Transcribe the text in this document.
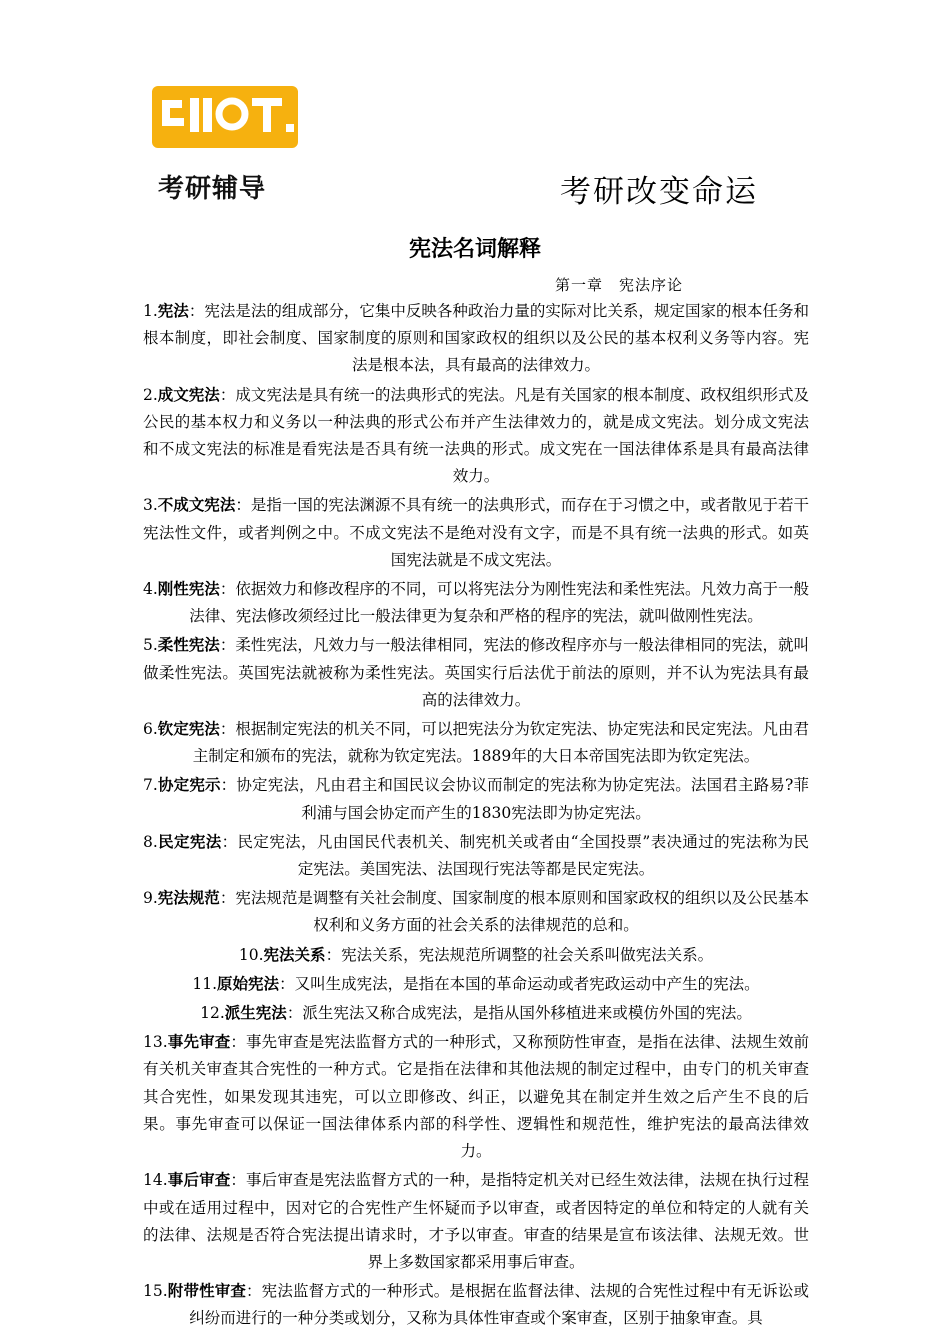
考研辅导	考研改变命运
宪法名词解释
第一章　宪法序论

1.宪法：宪法是法的组成部分，它集中反映各种政治力量的实际对比关系，规定国家的根本任务和根本制度，即社会制度、国家制度的原则和国家政权的组织以及公民的基本权利义务等内容。宪法是根本法，具有最高的法律效力。

2.成文宪法：成文宪法是具有统一的法典形式的宪法。凡是有关国家的根本制度、政权组织形式及公民的基本权力和义务以一种法典的形式公布并产生法律效力的，就是成文宪法。划分成文宪法和不成文宪法的标准是看宪法是否具有统一法典的形式。成文宪在一国法律体系是具有最高法律效力。

3.不成文宪法：是指一国的宪法渊源不具有统一的法典形式，而存在于习惯之中，或者散见于若干宪法性文件，或者判例之中。不成文宪法不是绝对没有文字，而是不具有统一法典的形式。如英国宪法就是不成文宪法。

4.刚性宪法：依据效力和修改程序的不同，可以将宪法分为刚性宪法和柔性宪法。凡效力高于一般法律、宪法修改须经过比一般法律更为复杂和严格的程序的宪法，就叫做刚性宪法。

5.柔性宪法：柔性宪法，凡效力与一般法律相同，宪法的修改程序亦与一般法律相同的宪法，就叫做柔性宪法。英国宪法就被称为柔性宪法。英国实行后法优于前法的原则，并不认为宪法具有最高的法律效力。

6.钦定宪法：根据制定宪法的机关不同，可以把宪法分为钦定宪法、协定宪法和民定宪法。凡由君主制定和颁布的宪法，就称为钦定宪法。1889年的大日本帝国宪法即为钦定宪法。

7.协定宪示：协定宪法，凡由君主和国民议会协议而制定的宪法称为协定宪法。法国君主路易?菲利浦与国会协定而产生的1830宪法即为协定宪法。

8.民定宪法：民定宪法，凡由国民代表机关、制宪机关或者由“全国投票”表决通过的宪法称为民定宪法。美国宪法、法国现行宪法等都是民定宪法。

9.宪法规范：宪法规范是调整有关社会制度、国家制度的根本原则和国家政权的组织以及公民基本权利和义务方面的社会关系的法律规范的总和。

10.宪法关系：宪法关系，宪法规范所调整的社会关系叫做宪法关系。

11.原始宪法：又叫生成宪法，是指在本国的革命运动或者宪政运动中产生的宪法。

12.派生宪法：派生宪法又称合成宪法，是指从国外移植进来或模仿外国的宪法。

13.事先审查：事先审查是宪法监督方式的一种形式，又称预防性审查，是指在法律、法规生效前有关机关审查其合宪性的一种方式。它是指在法律和其他法规的制定过程中，由专门的机关审查其合宪性，如果发现其违宪，可以立即修改、纠正，以避免其在制定并生效之后产生不良的后果。事先审查可以保证一国法律体系内部的科学性、逻辑性和规范性，维护宪法的最高法律效力。

14.事后审查：事后审查是宪法监督方式的一种，是指特定机关对已经生效法律，法规在执行过程中或在适用过程中，因对它的合宪性产生怀疑而予以审查，或者因特定的单位和特定的人就有关的法律、法规是否符合宪法提出请求时，才予以审查。审查的结果是宣布该法律、法规无效。世界上多数国家都采用事后审查。

15.附带性审查：宪法监督方式的一种形式。是根据在监督法律、法规的合宪性过程中有无诉讼或纠纷而进行的一种分类或划分，又称为具体性审查或个案审查，区别于抽象审查。具
